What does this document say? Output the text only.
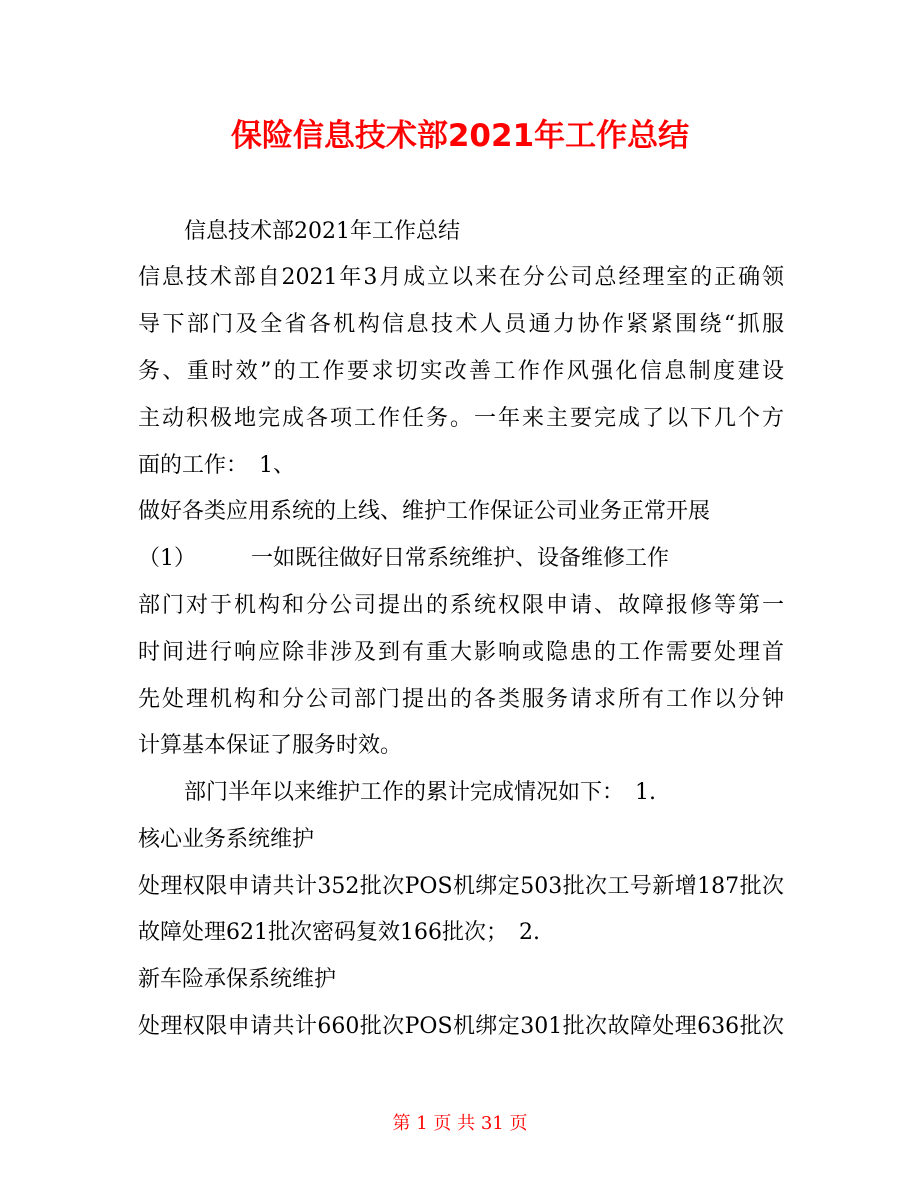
保险信息技术部2021年工作总结
信息技术部2021年工作总结
信息技术部自2021年3月成立以来在分公司总经理室的正确领
导下部门及全省各机构信息技术人员通力协作紧紧围绕“抓服
务、重时效”的工作要求切实改善工作作风强化信息制度建设
主动积极地完成各项工作任务。一年来主要完成了以下几个方
面的工作：　1、
做好各类应用系统的上线、维护工作保证公司业务正常开展
（1）　　　一如既往做好日常系统维护、设备维修工作
部门对于机构和分公司提出的系统权限申请、故障报修等第一
时间进行响应除非涉及到有重大影响或隐患的工作需要处理首
先处理机构和分公司部门提出的各类服务请求所有工作以分钟
计算基本保证了服务时效。
部门半年以来维护工作的累计完成情况如下：　1.
核心业务系统维护
处理权限申请共计352批次POS机绑定503批次工号新增187批次
故障处理621批次密码复效166批次；　2.
新车险承保系统维护
处理权限申请共计660批次POS机绑定301批次故障处理636批次
第 1 页 共 31 页
